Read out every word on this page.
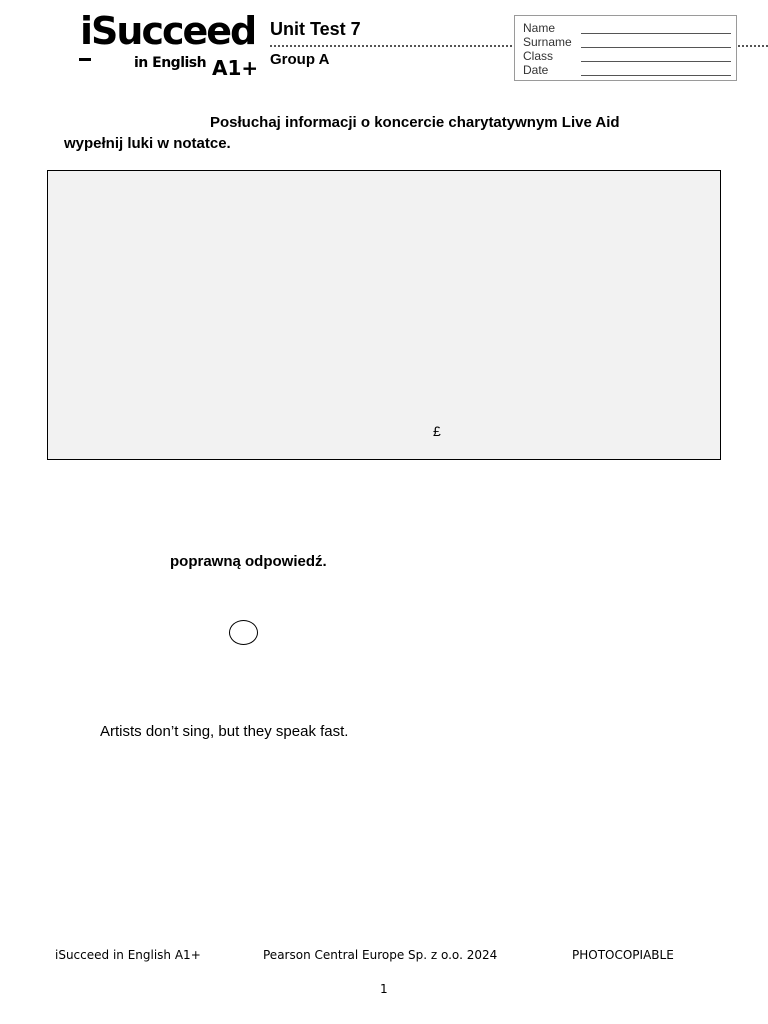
iSucceed
in English A1+
Unit Test 7
Group A
Name
Surname
Class
Date
Posłuchaj informacji o koncercie charytatywnym Live Aid
wypełnij luki w notatce.
£
poprawną odpowiedź.
Artists don’t sing, but they speak fast.
iSucceed in English A1+	Pearson Central Europe Sp. z o.o. 2024	PHOTOCOPIABLE
1
